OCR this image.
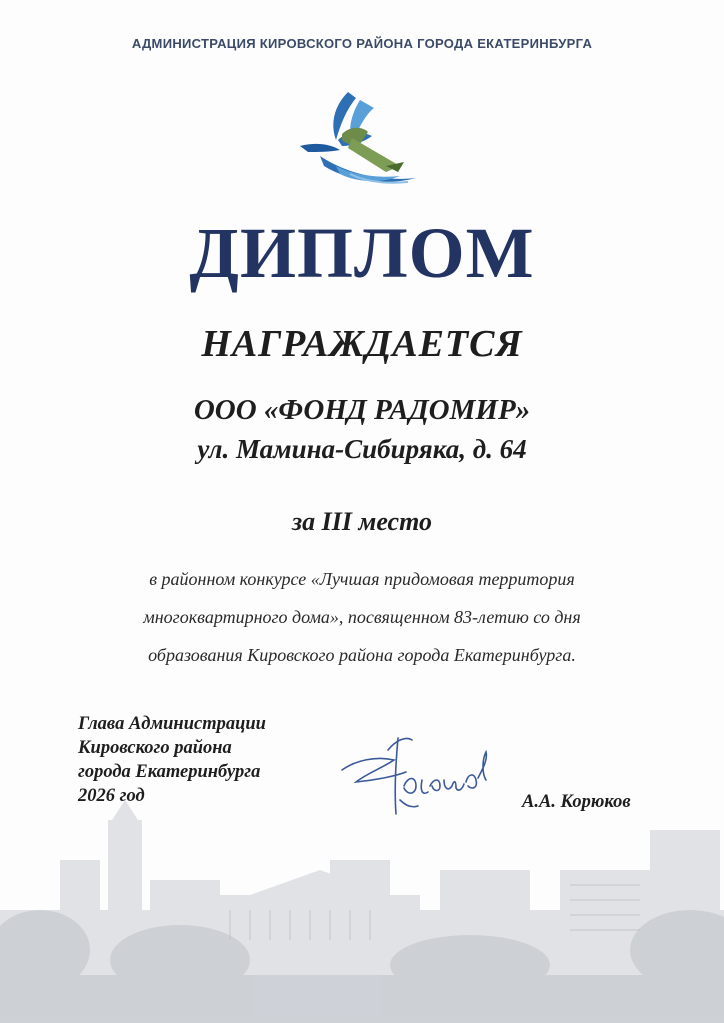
АДМИНИСТРАЦИЯ КИРОВСКОГО РАЙОНА ГОРОДА ЕКАТЕРИНБУРГА
ДИПЛОМ
НАГРАЖДАЕТСЯ
ООО «ФОНД РАДОМИР»
ул. Мамина-Сибиряка, д. 64
за III место
в районном конкурсе «Лучшая придомовая территория
многоквартирного дома», посвященном 83-летию со дня
образования Кировского района города Екатеринбурга.
Глава Администрации
Кировского района
города Екатеринбурга
2026 год	А.А. Корюков
